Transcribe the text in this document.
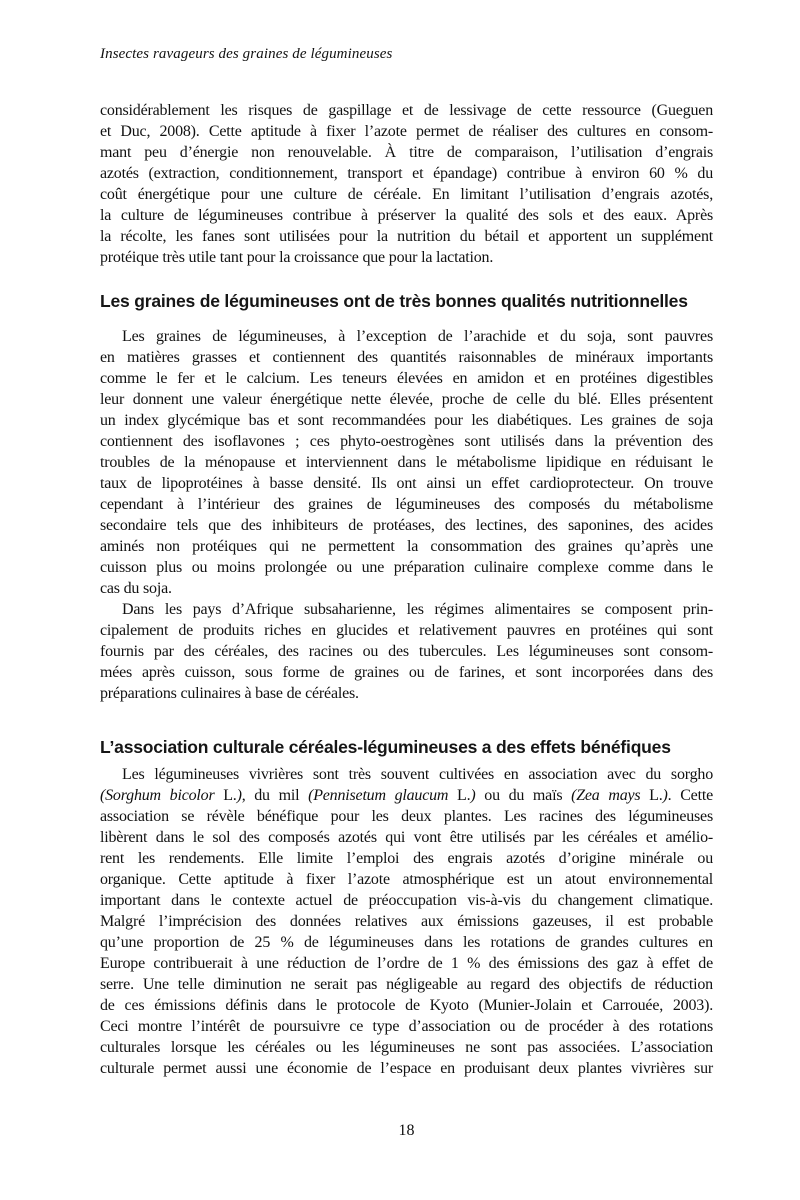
Insectes ravageurs des graines de légumineuses
considérablement les risques de gaspillage et de lessivage de cette ressource (Gueguen
et Duc, 2008). Cette aptitude à fixer l’azote permet de réaliser des cultures en consom-
mant peu d’énergie non renouvelable. À titre de comparaison, l’utilisation d’engrais
azotés (extraction, conditionnement, transport et épandage) contribue à environ 60 % du
coût énergétique pour une culture de céréale. En limitant l’utilisation d’engrais azotés,
la culture de légumineuses contribue à préserver la qualité des sols et des eaux. Après
la récolte, les fanes sont utilisées pour la nutrition du bétail et apportent un supplément
protéique très utile tant pour la croissance que pour la lactation.
Les graines de légumineuses ont de très bonnes qualités nutritionnelles
Les graines de légumineuses, à l’exception de l’arachide et du soja, sont pauvres
en matières grasses et contiennent des quantités raisonnables de minéraux importants
comme le fer et le calcium. Les teneurs élevées en amidon et en protéines digestibles
leur donnent une valeur énergétique nette élevée, proche de celle du blé. Elles présentent
un index glycémique bas et sont recommandées pour les diabétiques. Les graines de soja
contiennent des isoflavones ; ces phyto-oestrogènes sont utilisés dans la prévention des
troubles de la ménopause et interviennent dans le métabolisme lipidique en réduisant le
taux de lipoprotéines à basse densité. Ils ont ainsi un effet cardioprotecteur. On trouve
cependant à l’intérieur des graines de légumineuses des composés du métabolisme
secondaire tels que des inhibiteurs de protéases, des lectines, des saponines, des acides
aminés non protéiques qui ne permettent la consommation des graines qu’après une
cuisson plus ou moins prolongée ou une préparation culinaire complexe comme dans le
cas du soja.
Dans les pays d’Afrique subsaharienne, les régimes alimentaires se composent prin-
cipalement de produits riches en glucides et relativement pauvres en protéines qui sont
fournis par des céréales, des racines ou des tubercules. Les légumineuses sont consom-
mées après cuisson, sous forme de graines ou de farines, et sont incorporées dans des
préparations culinaires à base de céréales.
L’association culturale céréales-légumineuses a des effets bénéfiques
Les légumineuses vivrières sont très souvent cultivées en association avec du sorgho
(Sorghum bicolor L.), du mil (Pennisetum glaucum L.) ou du maïs (Zea mays L.). Cette
association se révèle bénéfique pour les deux plantes. Les racines des légumineuses
libèrent dans le sol des composés azotés qui vont être utilisés par les céréales et amélio-
rent les rendements. Elle limite l’emploi des engrais azotés d’origine minérale ou
organique. Cette aptitude à fixer l’azote atmosphérique est un atout environnemental
important dans le contexte actuel de préoccupation vis-à-vis du changement climatique.
Malgré l’imprécision des données relatives aux émissions gazeuses, il est probable
qu’une proportion de 25 % de légumineuses dans les rotations de grandes cultures en
Europe contribuerait à une réduction de l’ordre de 1 % des émissions des gaz à effet de
serre. Une telle diminution ne serait pas négligeable au regard des objectifs de réduction
de ces émissions définis dans le protocole de Kyoto (Munier-Jolain et Carrouée, 2003).
Ceci montre l’intérêt de poursuivre ce type d’association ou de procéder à des rotations
culturales lorsque les céréales ou les légumineuses ne sont pas associées. L’association
culturale permet aussi une économie de l’espace en produisant deux plantes vivrières sur
18
